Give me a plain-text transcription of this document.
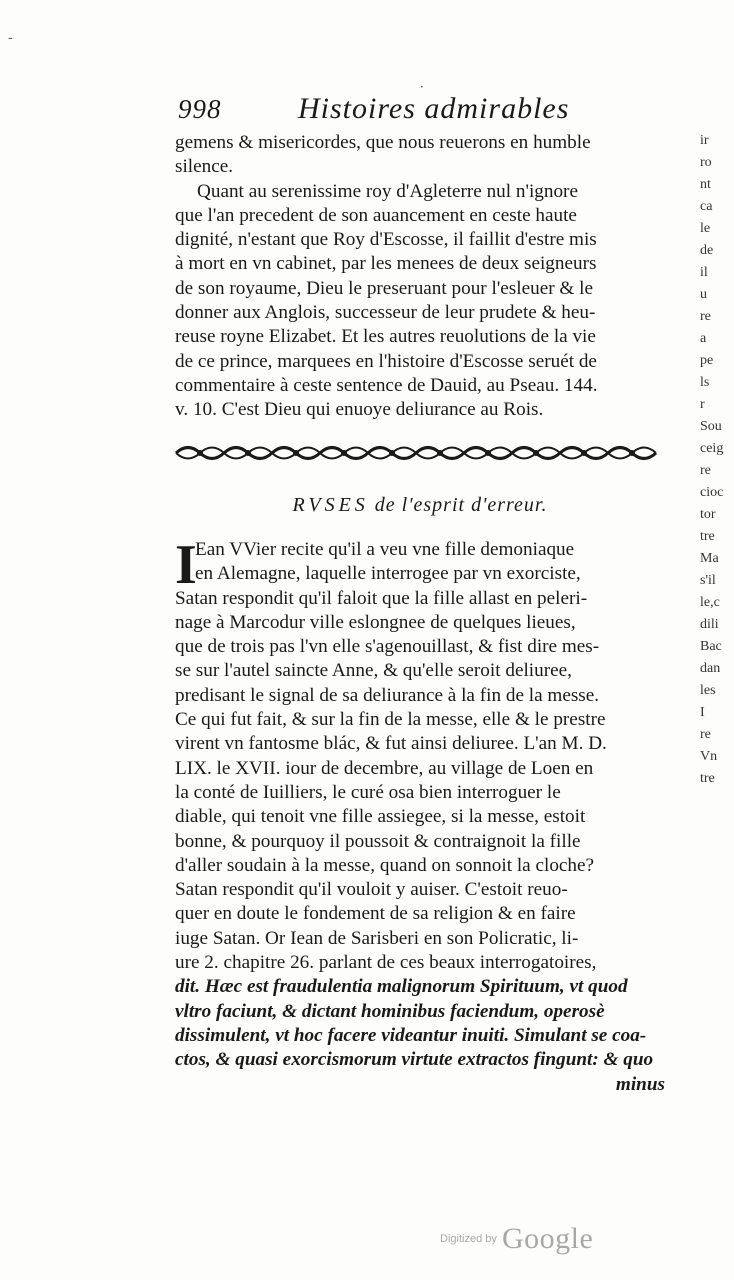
-
·
998	Histoires admirables
gemens & misericordes, que nous reuerons en humble
silence.
Quant au serenissime roy d'Agleterre nul n'ignore
que l'an precedent de son auancement en ceste haute
dignité, n'estant que Roy d'Escosse, il faillit d'estre mis
à mort en vn cabinet, par les menees de deux seigneurs
de son royaume, Dieu le preseruant pour l'esleuer & le
donner aux Anglois, successeur de leur prudete & heu-
reuse royne Elizabet. Et les autres reuolutions de la vie
de ce prince, marquees en l'histoire d'Escosse seruét de
commentaire à ceste sentence de Dauid, au Pseau. 144.
v. 10. C'est Dieu qui enuoye deliurance au Rois.
RVSES de l'esprit d'erreur.
I
Ean VVier recite qu'il a veu vne fille demoniaque
en Alemagne, laquelle interrogee par vn exorciste,
Satan respondit qu'il faloit que la fille allast en peleri-
nage à Marcodur ville eslongnee de quelques lieues,
que de trois pas l'vn elle s'agenouillast, & fist dire mes-
se sur l'autel saincte Anne, & qu'elle seroit deliuree,
predisant le signal de sa deliurance à la fin de la messe.
Ce qui fut fait, & sur la fin de la messe, elle & le prestre
virent vn fantosme blác, & fut ainsi deliuree. L'an M. D.
LIX. le XVII. iour de decembre, au village de Loen en
la conté de Iuilliers, le curé osa bien interroguer le
diable, qui tenoit vne fille assiegee, si la messe, estoit
bonne, & pourquoy il poussoit & contraignoit la fille
d'aller soudain à la messe, quand on sonnoit la cloche?
Satan respondit qu'il vouloit y auiser. C'estoit reuo-
quer en doute le fondement de sa religion & en faire
iuge Satan. Or Iean de Sarisberi en son Policratic, li-
ure 2. chapitre 26. parlant de ces beaux interrogatoires,
dit. Hæc est fraudulentia malignorum Spirituum, vt quod
vltro faciunt, & dictant hominibus faciendum, operosè
dissimulent, vt hoc facere videantur inuiti. Simulant se coa-
ctos, & quasi exorcismorum virtute extractos fingunt: & quo
minus
ir
ro
nt
ca
le
de
il
u
re
a
pe
ls
r
Sou
ceig
re
cioc
tor
tre
Ma
s'il
le,c
dili
Bac
dan
les
I
re
Vn
tre
Digitized by Google
